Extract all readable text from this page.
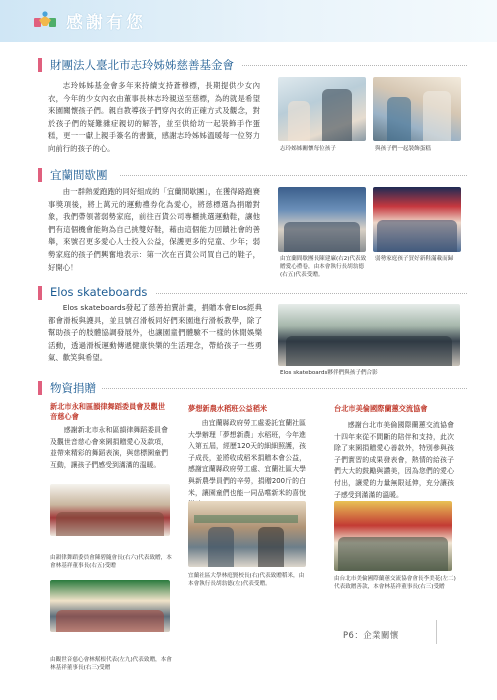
感謝有您
財團法人臺北市志玲姊姊慈善基金會
志玲姊姊基金會多年來持續支持蒼穆標，長期提供少女內衣，今年的少女內衣由董事長林志玲親送至慈標，為的就是希望來園關懷孩子們。親自教導孩子們穿內衣的正確方式及觀念，對於孩子們的疑難雜症親切的解答，並至供給坊一起裝飾手作蛋糕，更一一獻上親手簽名的書籤，感謝志玲姊姊溫暖每一位努力向前行的孩子的心。	志玲姊姊關懷每位孩子	與孩子們一起裝飾蛋糕
宜蘭間歇團
由一群熱愛跑跑的同好組成的「宜蘭間歇團」，在獲得路跑賽事獎項後，將上萬元的運動禮券化為愛心，將慈標選為捐贈對象，我們帶領著弱勢家庭，前往百貨公司專櫃挑選運動鞋，讓他們有這個機會能夠為自己挑雙好鞋，藉由這個能力回饋社會的善舉，來號召更多愛心人士投入公益，保護更多的兒童、少年；弱勢家庭的孩子們興奮地表示：第一次在百貨公司買自己的鞋子，好開心！
由宜蘭間歇團長陳建廉(右2)代表致贈愛心禮卷，由本會執行長胡翁德(右五)代表受贈。
弱勢家庭孩子買好新鞋滿載而歸
Elos skateboards
Elos skateboards發起了慈善拍賣計畫，捐贈本會Elos經典都會滑板與護具，並且號召滑板同好們來園進行滑板教學，除了幫助孩子的肢體協調發展外，也讓園童們體驗不一樣的休閒娛樂活動，透過滑板運動傳遞健康快樂的生活理念，帶給孩子一些勇氣、歡笑與希望。
Elos skateboards夥伴們與孩子們合影
物資捐贈
新北市永和區韻律舞蹈委員會及觀世音慈心會
感謝新北市永和區韻律舞蹈委員會及觀世音慈心會來園捐贈愛心及款項，並帶來精彩的舞蹈表演，與慈標園童們互動，讓孩子們感受到滿滿的溫暖。
由韻律舞蹈委員會陳碧隨會長(右六)代表致贈，本會林基祥董事長(右五)受贈
由觀世音慈心會林幫根代表(左九)代表致贈，本會林基祥董事長(右三)受贈
夢想新農水稻班公益稻米
由宜蘭縣政府勞工處委託宜蘭社區大學辦理「夢想新農」水稻班，今年進入第五屆，經歷120天的細細照護，孩子成長，並將收成稻米捐贈本會公益，感謝宜蘭縣政府勞工處、宜蘭社區大學與新農學員們的辛勞，捐贈200斤的白米，讓園童們也能一同品嚐新米的喜悅
宜蘭社區大學林庭賢校長(右)代表致贈稻米，由本會執行長胡翁德(左)代表受贈。
台北市美倫國際蘭蕙交流協會
感謝台北市美倫國際蘭蕙交流協會十四年來從不間斷的陪伴和支持，此次除了來園捐贈愛心善款外，特別參與孩子們實習的成果發表會，熱情的給孩子們大大的鼓勵與讚美，因為您們的愛心付出，讓愛的力量無限延伸，充分讓孩子感受到滿滿的溫暖。
由台北市美倫國際蘭蕙交流協會會長李美花(左二)代表致贈善款，本會林基祥董事長(右三)受贈
P6：企業關懷
